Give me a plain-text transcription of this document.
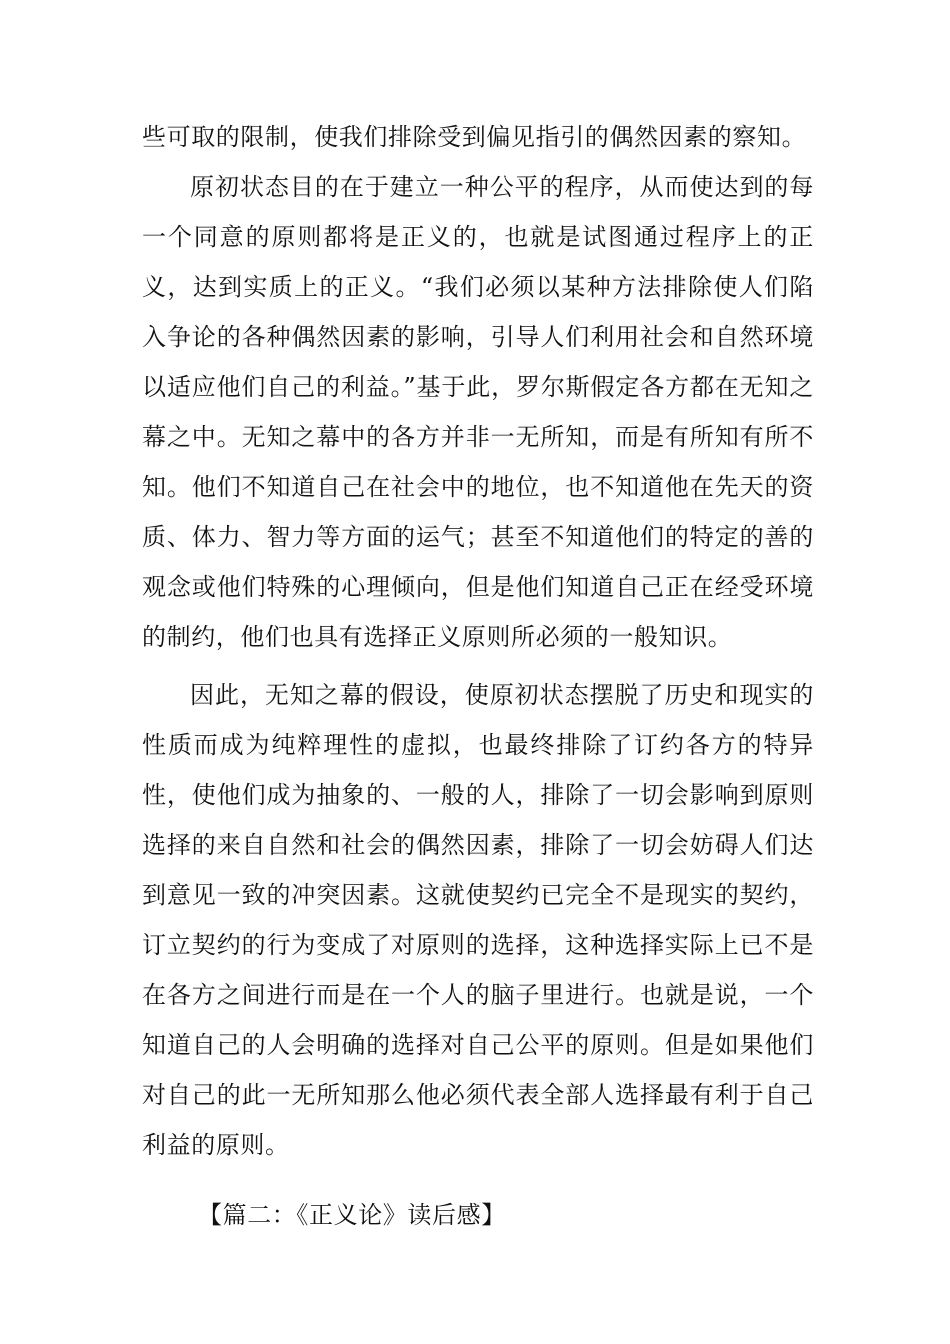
些可取的限制，使我们排除受到偏见指引的偶然因素的察知。

原初状态目的在于建立一种公平的程序，从而使达到的每一个同意的原则都将是正义的，也就是试图通过程序上的正义，达到实质上的正义。“我们必须以某种方法排除使人们陷入争论的各种偶然因素的影响，引导人们利用社会和自然环境以适应他们自己的利益。”基于此，罗尔斯假定各方都在无知之幕之中。无知之幕中的各方并非一无所知，而是有所知有所不知。他们不知道自己在社会中的地位，也不知道他在先天的资质、体力、智力等方面的运气；甚至不知道他们的特定的善的观念或他们特殊的心理倾向，但是他们知道自己正在经受环境的制约，他们也具有选择正义原则所必须的一般知识。

因此，无知之幕的假设，使原初状态摆脱了历史和现实的性质而成为纯粹理性的虚拟，也最终排除了订约各方的特异性，使他们成为抽象的、一般的人，排除了一切会影响到原则选择的来自自然和社会的偶然因素，排除了一切会妨碍人们达到意见一致的冲突因素。这就使契约已完全不是现实的契约，订立契约的行为变成了对原则的选择，这种选择实际上已不是在各方之间进行而是在一个人的脑子里进行。也就是说，一个知道自己的人会明确的选择对自己公平的原则。但是如果他们对自己的此一无所知那么他必须代表全部人选择最有利于自己利益的原则。

【篇二：《正义论》读后感】
